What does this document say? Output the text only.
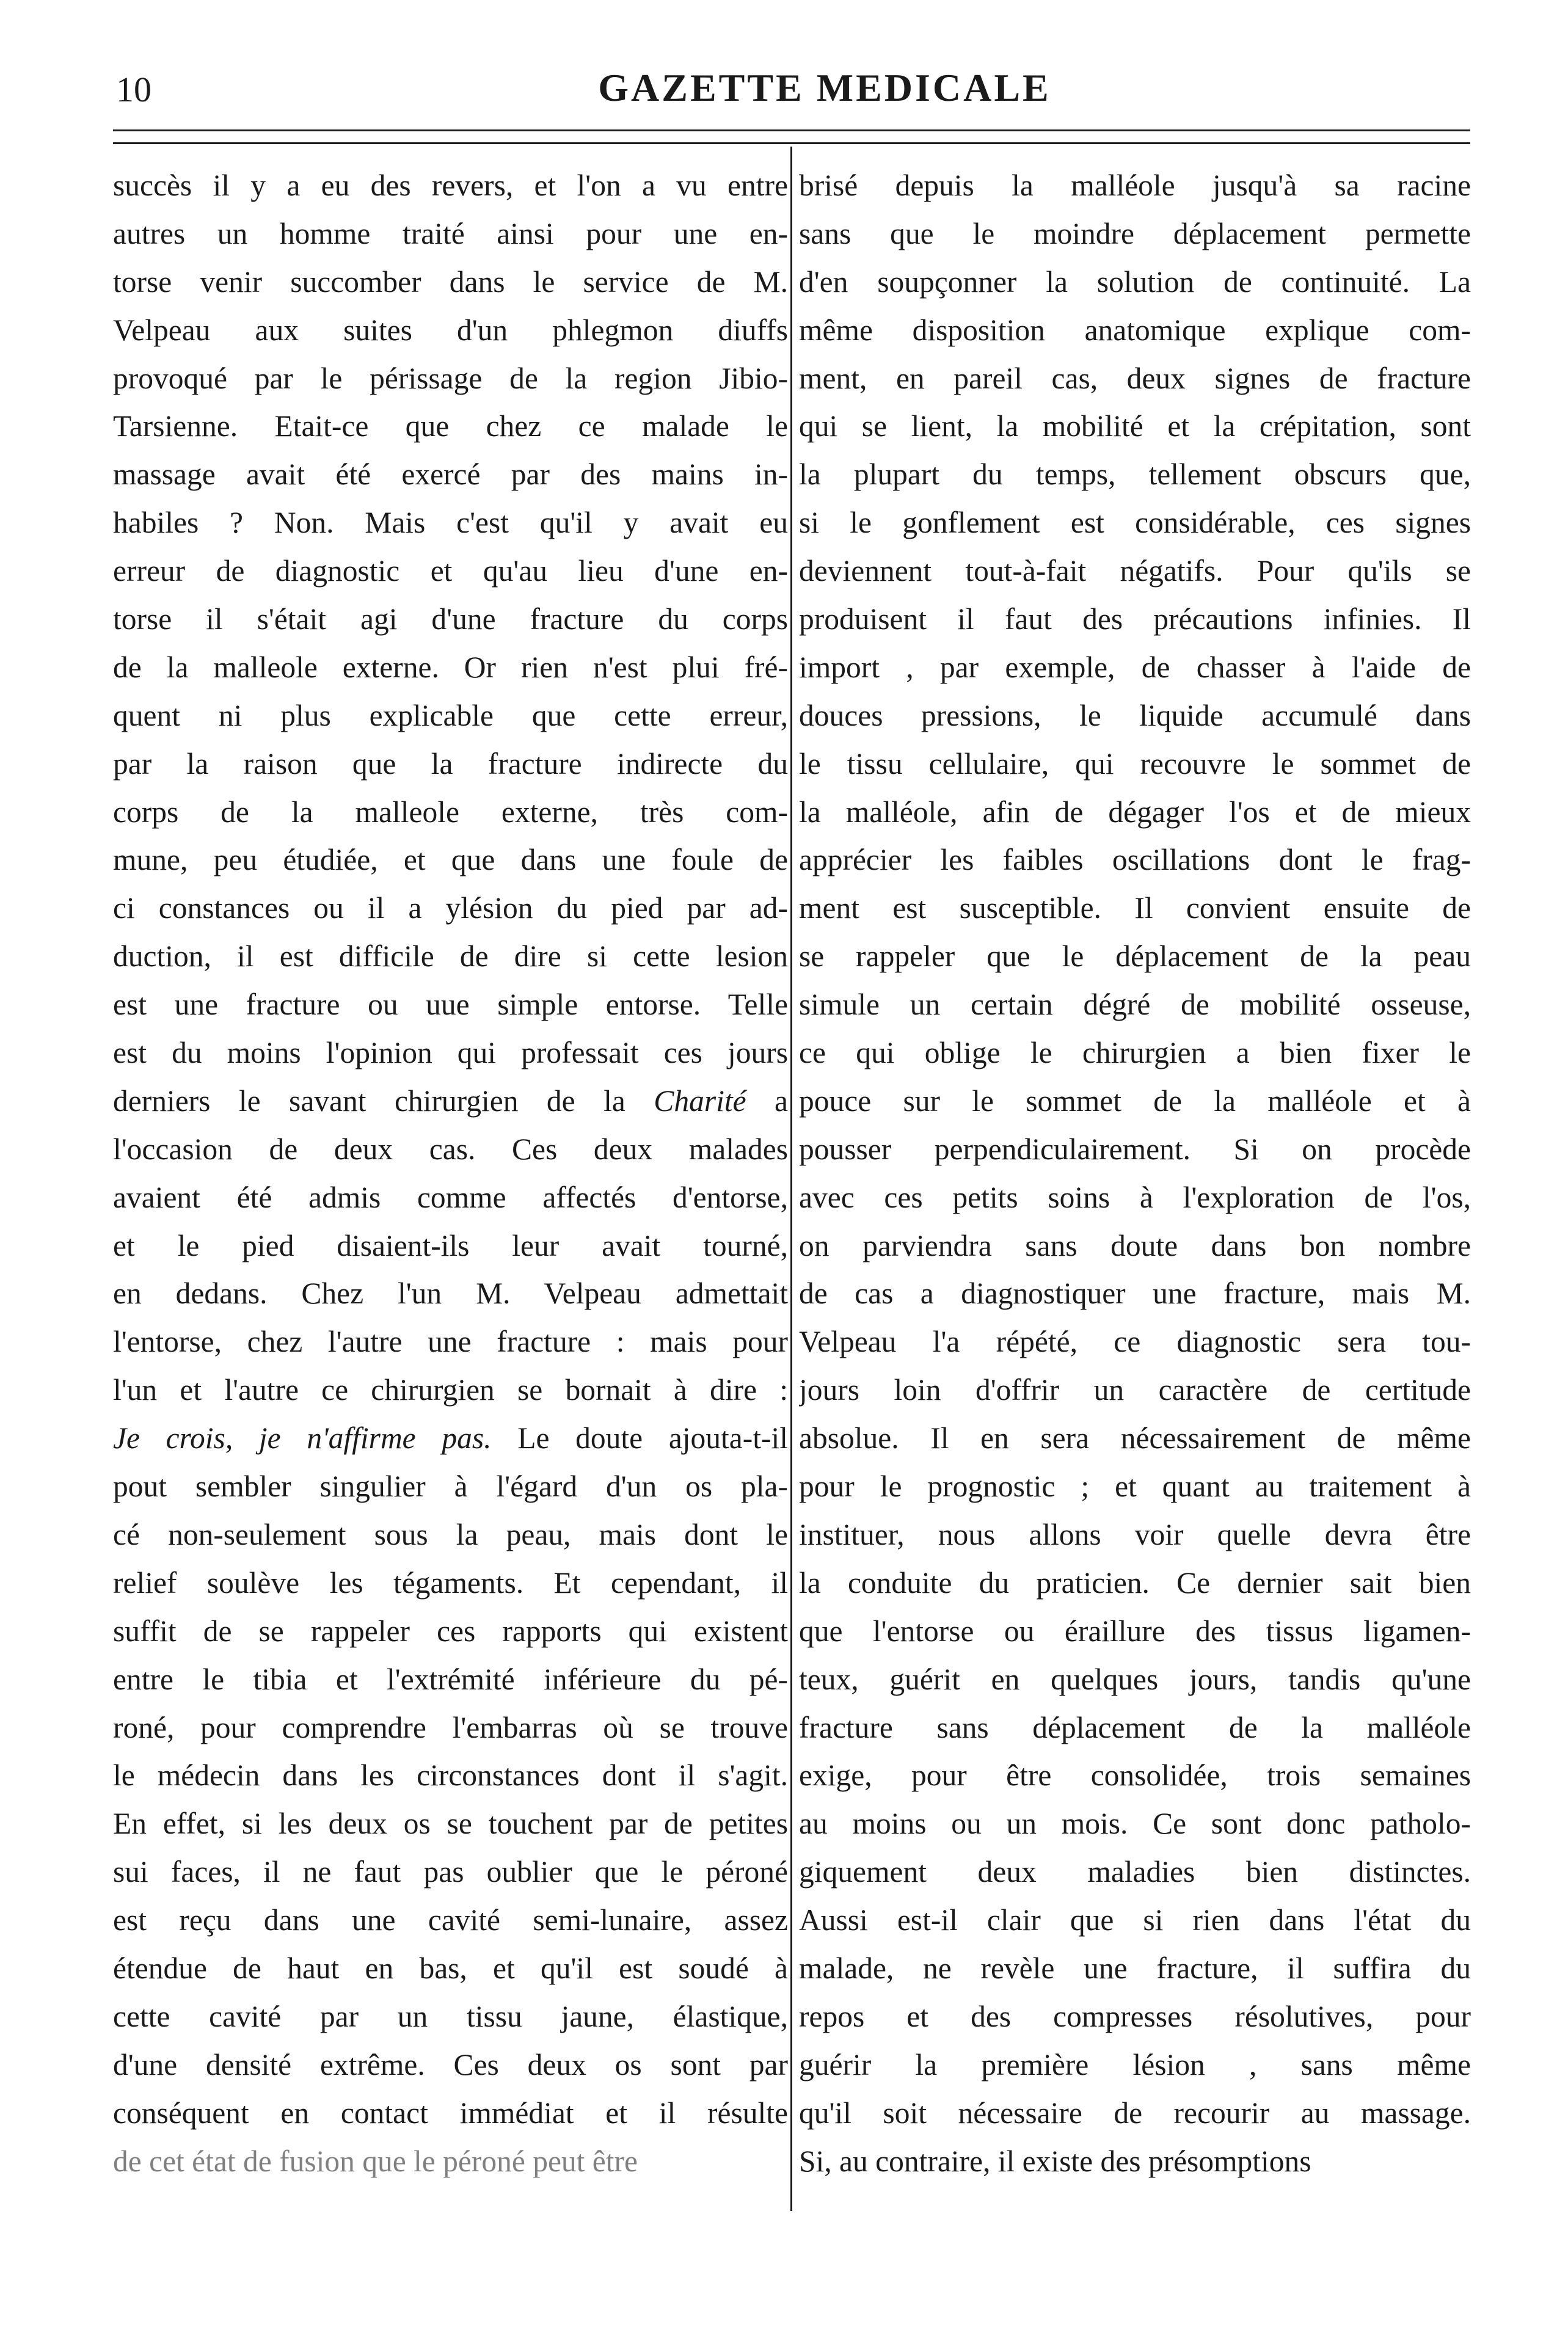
10	GAZETTE MEDICALE
succès il y a eu des revers, et l'on a vu entre
autres un homme traité ainsi pour une en-
torse venir succomber dans le service de M.
Velpeau aux suites d'un phlegmon diuffs
provoqué par le périssage de la region Jibio-
Tarsienne. Etait-ce que chez ce malade le
massage avait été exercé par des mains in-
habiles ? Non. Mais c'est qu'il y avait eu
erreur de diagnostic et qu'au lieu d'une en-
torse il s'était agi d'une fracture du corps
de la malleole externe. Or rien n'est plui fré-
quent ni plus explicable que cette erreur,
par la raison que la fracture indirecte du
corps de la malleole externe, très com-
mune, peu étudiée, et que dans une foule de
ci constances ou il a ylésion du pied par ad-
duction, il est difficile de dire si cette lesion
est une fracture ou uue simple entorse. Telle
est du moins l'opinion qui professait ces jours
derniers le savant chirurgien de la Charité a
l'occasion de deux cas. Ces deux malades
avaient été admis comme affectés d'entorse,
et le pied disaient-ils leur avait tourné,
en dedans. Chez l'un M. Velpeau admettait
l'entorse, chez l'autre une fracture : mais pour
l'un et l'autre ce chirurgien se bornait à dire :
Je crois, je n'affirme pas. Le doute ajouta-t-il
pout sembler singulier à l'égard d'un os pla-
cé non-seulement sous la peau, mais dont le
relief soulève les tégaments. Et cependant, il
suffit de se rappeler ces rapports qui existent
entre le tibia et l'extrémité inférieure du pé-
roné, pour comprendre l'embarras où se trouve
le médecin dans les circonstances dont il s'agit.
En effet, si les deux os se touchent par de petites
sui faces, il ne faut pas oublier que le péroné
est reçu dans une cavité semi-lunaire, assez
étendue de haut en bas, et qu'il est soudé à
cette cavité par un tissu jaune, élastique,
d'une densité extrême. Ces deux os sont par
conséquent en contact immédiat et il résulte
de cet état de fusion que le péroné peut être
brisé depuis la malléole jusqu'à sa racine
sans que le moindre déplacement permette
d'en soupçonner la solution de continuité. La
même disposition anatomique explique com-
ment, en pareil cas, deux signes de fracture
qui se lient, la mobilité et la crépitation, sont
la plupart du temps, tellement obscurs que,
si le gonflement est considérable, ces signes
deviennent tout-à-fait négatifs. Pour qu'ils se
produisent il faut des précautions infinies. Il
import , par exemple, de chasser à l'aide de
douces pressions, le liquide accumulé dans
le tissu cellulaire, qui recouvre le sommet de
la malléole, afin de dégager l'os et de mieux
apprécier les faibles oscillations dont le frag-
ment est susceptible. Il convient ensuite de
se rappeler que le déplacement de la peau
simule un certain dégré de mobilité osseuse,
ce qui oblige le chirurgien a bien fixer le
pouce sur le sommet de la malléole et à
pousser perpendiculairement. Si on procède
avec ces petits soins à l'exploration de l'os,
on parviendra sans doute dans bon nombre
de cas a diagnostiquer une fracture, mais M.
Velpeau l'a répété, ce diagnostic sera tou-
jours loin d'offrir un caractère de certitude
absolue. Il en sera nécessairement de même
pour le prognostic ; et quant au traitement à
instituer, nous allons voir quelle devra être
la conduite du praticien. Ce dernier sait bien
que l'entorse ou éraillure des tissus ligamen-
teux, guérit en quelques jours, tandis qu'une
fracture sans déplacement de la malléole
exige, pour être consolidée, trois semaines
au moins ou un mois. Ce sont donc patholo-
giquement deux maladies bien distinctes.
Aussi est-il clair que si rien dans l'état du
malade, ne revèle une fracture, il suffira du
repos et des compresses résolutives, pour
guérir la première lésion , sans même
qu'il soit nécessaire de recourir au massage.
Si, au contraire, il existe des présomptions
